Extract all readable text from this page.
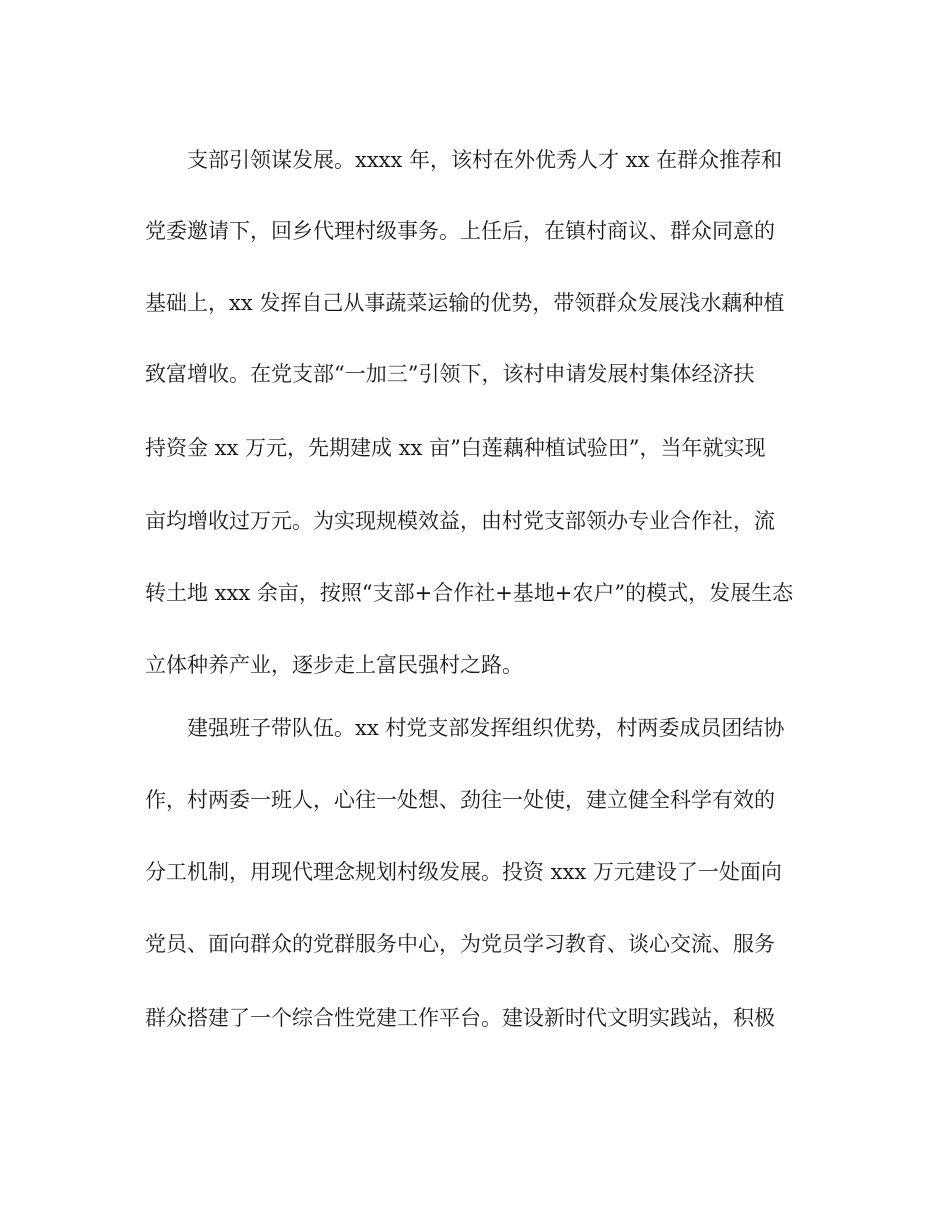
支部引领谋发展。xxxx 年，该村在外优秀人才 xx 在群众推荐和
党委邀请下，回乡代理村级事务。上任后，在镇村商议、群众同意的
基础上，xx 发挥自己从事蔬菜运输的优势，带领群众发展浅水藕种植
致富增收。在党支部“一加三”引领下，该村申请发展村集体经济扶
持资金 xx 万元，先期建成 xx 亩”白莲藕种植试验田”，当年就实现
亩均增收过万元。为实现规模效益，由村党支部领办专业合作社，流
转土地 xxx 余亩，按照“支部+合作社+基地+农户”的模式，发展生态
立体种养产业，逐步走上富民强村之路。
建强班子带队伍。xx 村党支部发挥组织优势，村两委成员团结协
作，村两委一班人，心往一处想、劲往一处使，建立健全科学有效的
分工机制，用现代理念规划村级发展。投资 xxx 万元建设了一处面向
党员、面向群众的党群服务中心，为党员学习教育、谈心交流、服务
群众搭建了一个综合性党建工作平台。建设新时代文明实践站，积极
